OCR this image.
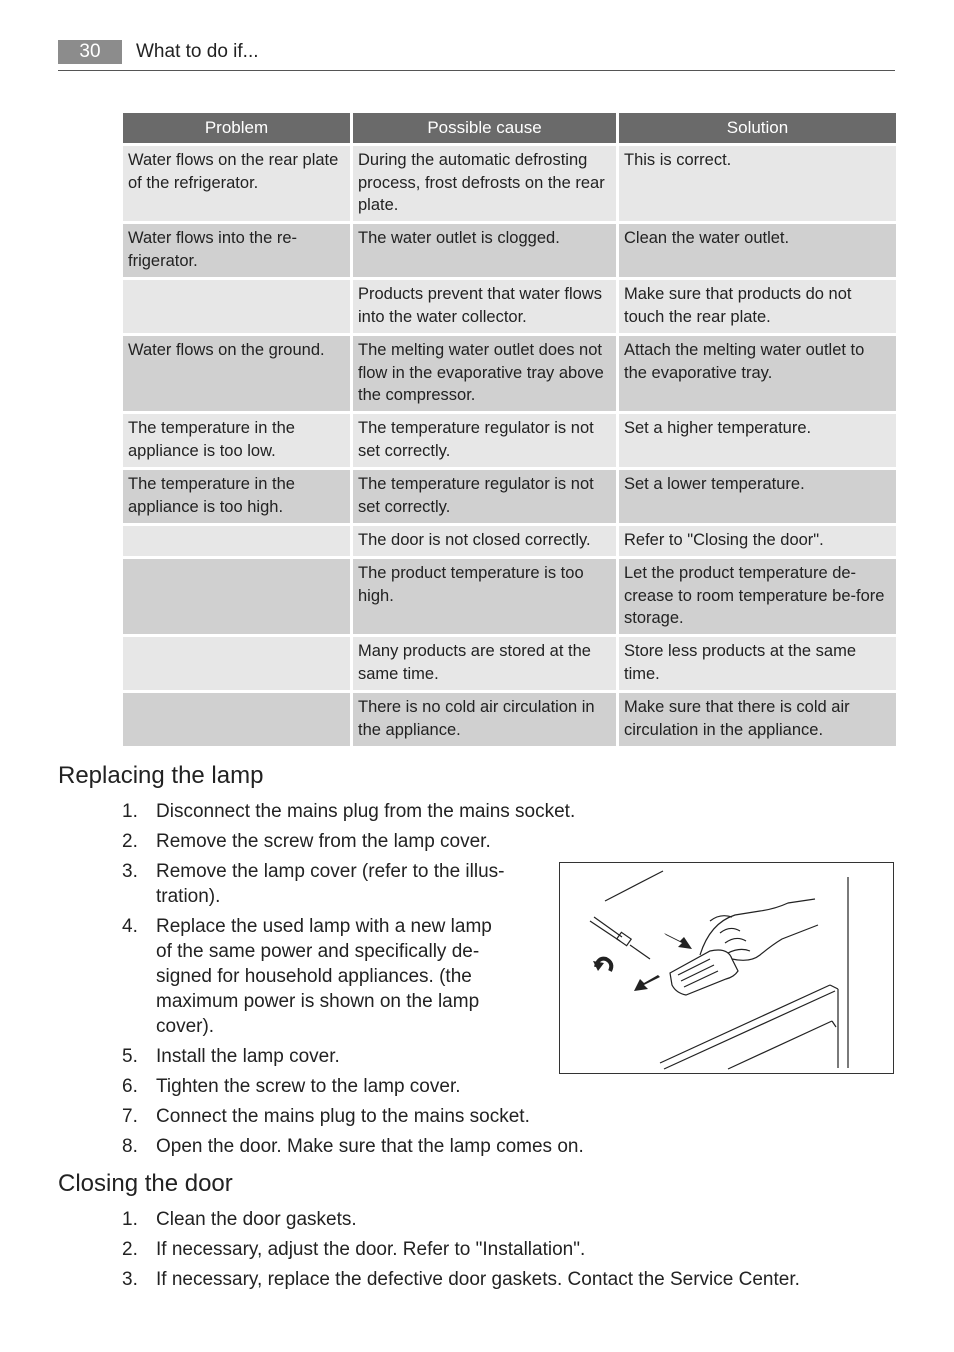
30	What to do if...
Problem	Possible cause	Solution
Water flows on the rear plate of the refrigerator.	During the automatic defrosting process, frost defrosts on the rear plate.	This is correct.
Water flows into the re-frigerator.	The water outlet is clogged.	Clean the water outlet.
	Products prevent that water flows into the water collector.	Make sure that products do not touch the rear plate.
Water flows on the ground.	The melting water outlet does not flow in the evaporative tray above the compressor.	Attach the melting water outlet to the evaporative tray.
The temperature in the appliance is too low.	The temperature regulator is not set correctly.	Set a higher temperature.
The temperature in the appliance is too high.	The temperature regulator is not set correctly.	Set a lower temperature.
	The door is not closed correctly.	Refer to "Closing the door".
	The product temperature is too high.	Let the product temperature de-crease to room temperature be-fore storage.
	Many products are stored at the same time.	Store less products at the same time.
	There is no cold air circulation in the appliance.	Make sure that there is cold air circulation in the appliance.
Replacing the lamp
1. Disconnect the mains plug from the mains socket.
2. Remove the screw from the lamp cover.
3. Remove the lamp cover (refer to the illus-tration).
4. Replace the used lamp with a new lamp of the same power and specifically de-signed for household appliances. (the maximum power is shown on the lamp cover).
5. Install the lamp cover.
6. Tighten the screw to the lamp cover.
7. Connect the mains plug to the mains socket.
8. Open the door. Make sure that the lamp comes on.
Closing the door
1. Clean the door gaskets.
2. If necessary, adjust the door. Refer to "Installation".
3. If necessary, replace the defective door gaskets. Contact the Service Center.
